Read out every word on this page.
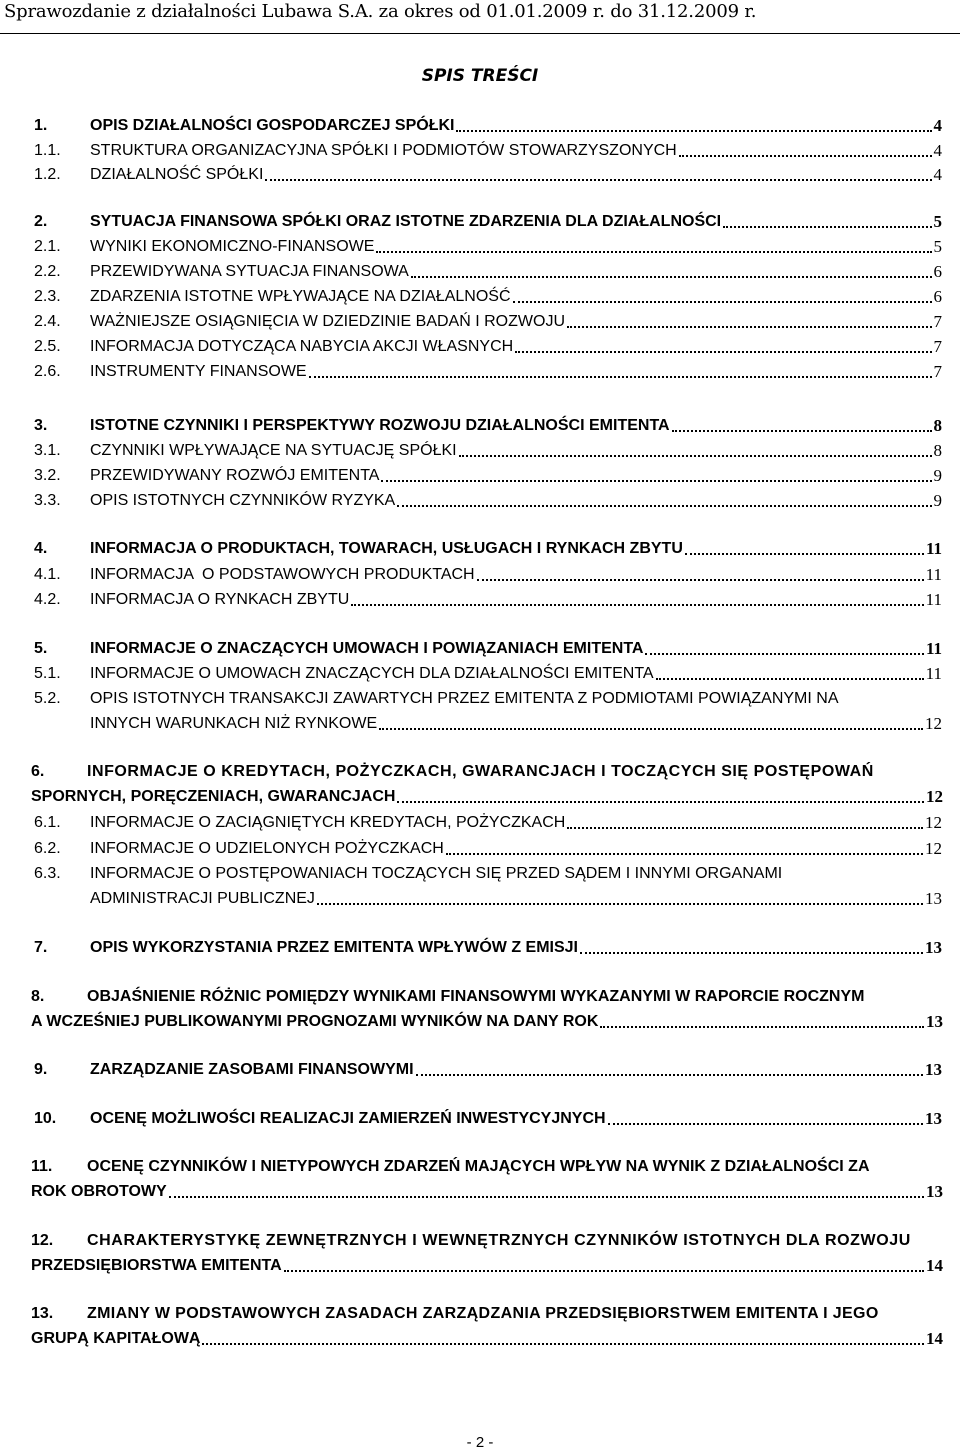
Sprawozdanie z działalności Lubawa S.A. za okres od 01.01.2009 r. do 31.12.2009 r.
SPIS TREŚCI
1.	OPIS DZIAŁALNOŚCI GOSPODARCZEJ SPÓŁKI	4
1.1. STRUKTURA ORGANIZACYJNA SPÓŁKI I PODMIOTÓW STOWARZYSZONYCH	4
1.2. DZIAŁALNOŚĆ SPÓŁKI	4
2.	SYTUACJA FINANSOWA SPÓŁKI ORAZ ISTOTNE ZDARZENIA DLA DZIAŁALNOŚCI	5
2.1. WYNIKI EKONOMICZNO-FINANSOWE	5
2.2. PRZEWIDYWANA SYTUACJA FINANSOWA	6
2.3. ZDARZENIA ISTOTNE WPŁYWAJĄCE NA DZIAŁALNOŚĆ	6
2.4. WAŻNIEJSZE OSIĄGNIĘCIA W DZIEDZINIE BADAŃ I ROZWOJU	7
2.5. INFORMACJA DOTYCZĄCA NABYCIA AKCJI WŁASNYCH	7
2.6. INSTRUMENTY FINANSOWE	7
3.	ISTOTNE CZYNNIKI I PERSPEKTYWY ROZWOJU DZIAŁALNOŚCI EMITENTA	8
3.1. CZYNNIKI WPŁYWAJĄCE NA SYTUACJĘ SPÓŁKI	8
3.2. PRZEWIDYWANY ROZWÓJ EMITENTA	9
3.3. OPIS ISTOTNYCH CZYNNIKÓW RYZYKA	9
4.	INFORMACJA O PRODUKTACH, TOWARACH, USŁUGACH I RYNKACH ZBYTU	11
4.1. INFORMACJA  O PODSTAWOWYCH PRODUKTACH	11
4.2. INFORMACJA O RYNKACH ZBYTU	11
5.	INFORMACJE O ZNACZĄCYCH UMOWACH I POWIĄZANIACH EMITENTA	11
5.1. INFORMACJE O UMOWACH ZNACZĄCYCH DLA DZIAŁALNOŚCI EMITENTA	11
5.2. OPIS ISTOTNYCH TRANSAKCJI ZAWARTYCH PRZEZ EMITENTA Z PODMIOTAMI POWIĄZANYMI NA
INNYCH WARUNKACH NIŻ RYNKOWE	12
6.	INFORMACJE O KREDYTACH, POŻYCZKACH, GWARANCJACH I TOCZĄCYCH SIĘ POSTĘPOWAŃ
SPORNYCH, PORĘCZENIACH, GWARANCJACH	12
6.1. INFORMACJE O ZACIĄGNIĘTYCH KREDYTACH, POŻYCZKACH	12
6.2. INFORMACJE O UDZIELONYCH POŻYCZKACH	12
6.3. INFORMACJE O POSTĘPOWANIACH TOCZĄCYCH SIĘ PRZED SĄDEM I INNYMI ORGANAMI
ADMINISTRACJI PUBLICZNEJ	13
7.	OPIS WYKORZYSTANIA PRZEZ EMITENTA WPŁYWÓW Z EMISJI	13
8.	OBJAŚNIENIE RÓŻNIC POMIĘDZY WYNIKAMI FINANSOWYMI WYKAZANYMI W RAPORCIE ROCZNYM
A WCZEŚNIEJ PUBLIKOWANYMI PROGNOZAMI WYNIKÓW NA DANY ROK	13
9.	ZARZĄDZANIE ZASOBAMI FINANSOWYMI	13
10. OCENĘ MOŻLIWOŚCI REALIZACJI ZAMIERZEŃ INWESTYCYJNYCH	13
11. OCENĘ CZYNNIKÓW I NIETYPOWYCH ZDARZEŃ MAJĄCYCH WPŁYW NA WYNIK Z DZIAŁALNOŚCI ZA
ROK OBROTOWY	13
12. CHARAKTERYSTYKĘ ZEWNĘTRZNYCH I WEWNĘTRZNYCH CZYNNIKÓW ISTOTNYCH DLA ROZWOJU
PRZEDSIĘBIORSTWA EMITENTA	14
13. ZMIANY W PODSTAWOWYCH ZASADACH ZARZĄDZANIA PRZEDSIĘBIORSTWEM EMITENTA I JEGO
GRUPĄ KAPITAŁOWĄ	14
- 2 -
